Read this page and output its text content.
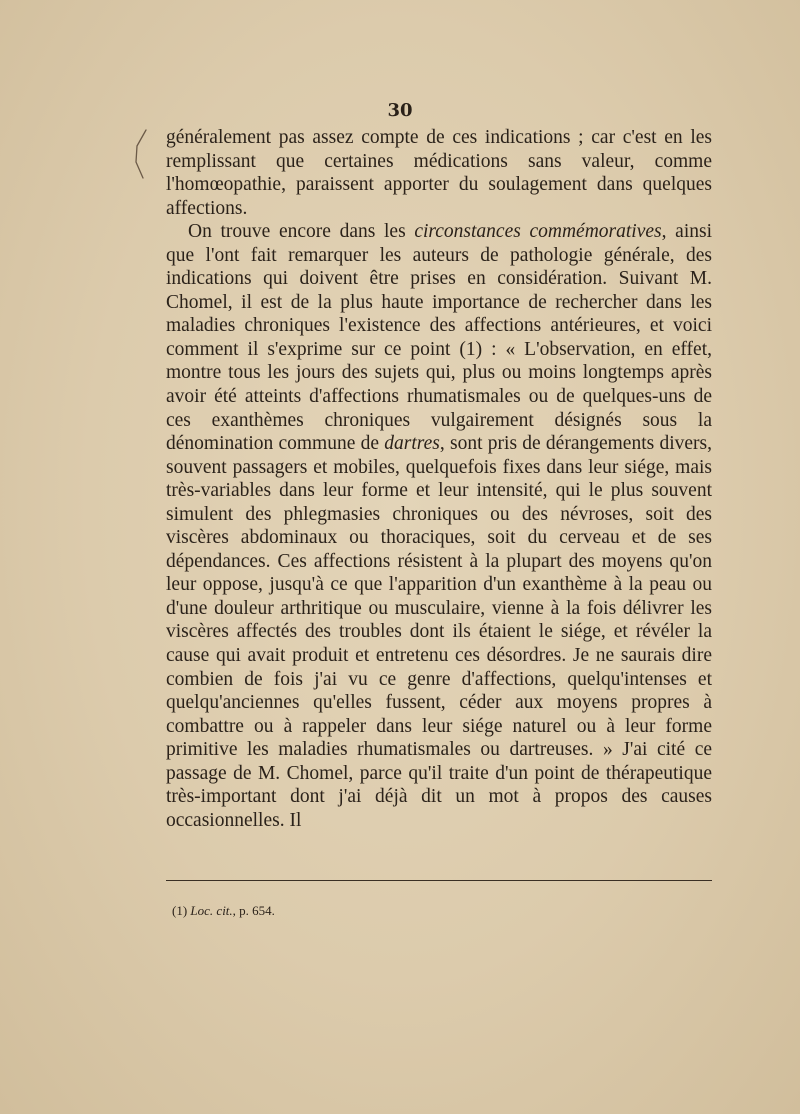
30

généralement pas assez compte de ces indications ; car c'est en les remplissant que certaines médications sans valeur, comme l'homœopathie, paraissent apporter du soulagement dans quelques affections.

On trouve encore dans les circonstances commémoratives, ainsi que l'ont fait remarquer les auteurs de pathologie générale, des indications qui doivent être prises en considération. Suivant M. Chomel, il est de la plus haute importance de rechercher dans les maladies chroniques l'existence des affections antérieures, et voici comment il s'exprime sur ce point (1) : « L'observation, en effet, montre tous les jours des sujets qui, plus ou moins longtemps après avoir été atteints d'affections rhumatismales ou de quelques-uns de ces exanthèmes chroniques vulgairement désignés sous la dénomination commune de dartres, sont pris de dérangements divers, souvent passagers et mobiles, quelquefois fixes dans leur siége, mais très-variables dans leur forme et leur intensité, qui le plus souvent simulent des phlegmasies chroniques ou des névroses, soit des viscères abdominaux ou thoraciques, soit du cerveau et de ses dépendances. Ces affections résistent à la plupart des moyens qu'on leur oppose, jusqu'à ce que l'apparition d'un exanthème à la peau ou d'une douleur arthritique ou musculaire, vienne à la fois délivrer les viscères affectés des troubles dont ils étaient le siége, et révéler la cause qui avait produit et entretenu ces désordres. Je ne saurais dire combien de fois j'ai vu ce genre d'affections, quelqu'intenses et quelqu'anciennes qu'elles fussent, céder aux moyens propres à combattre ou à rappeler dans leur siége naturel ou à leur forme primitive les maladies rhumatismales ou dartreuses. » J'ai cité ce passage de M. Chomel, parce qu'il traite d'un point de thérapeutique très-important dont j'ai déjà dit un mot à propos des causes occasionnelles. Il

(1) Loc. cit., p. 654.
